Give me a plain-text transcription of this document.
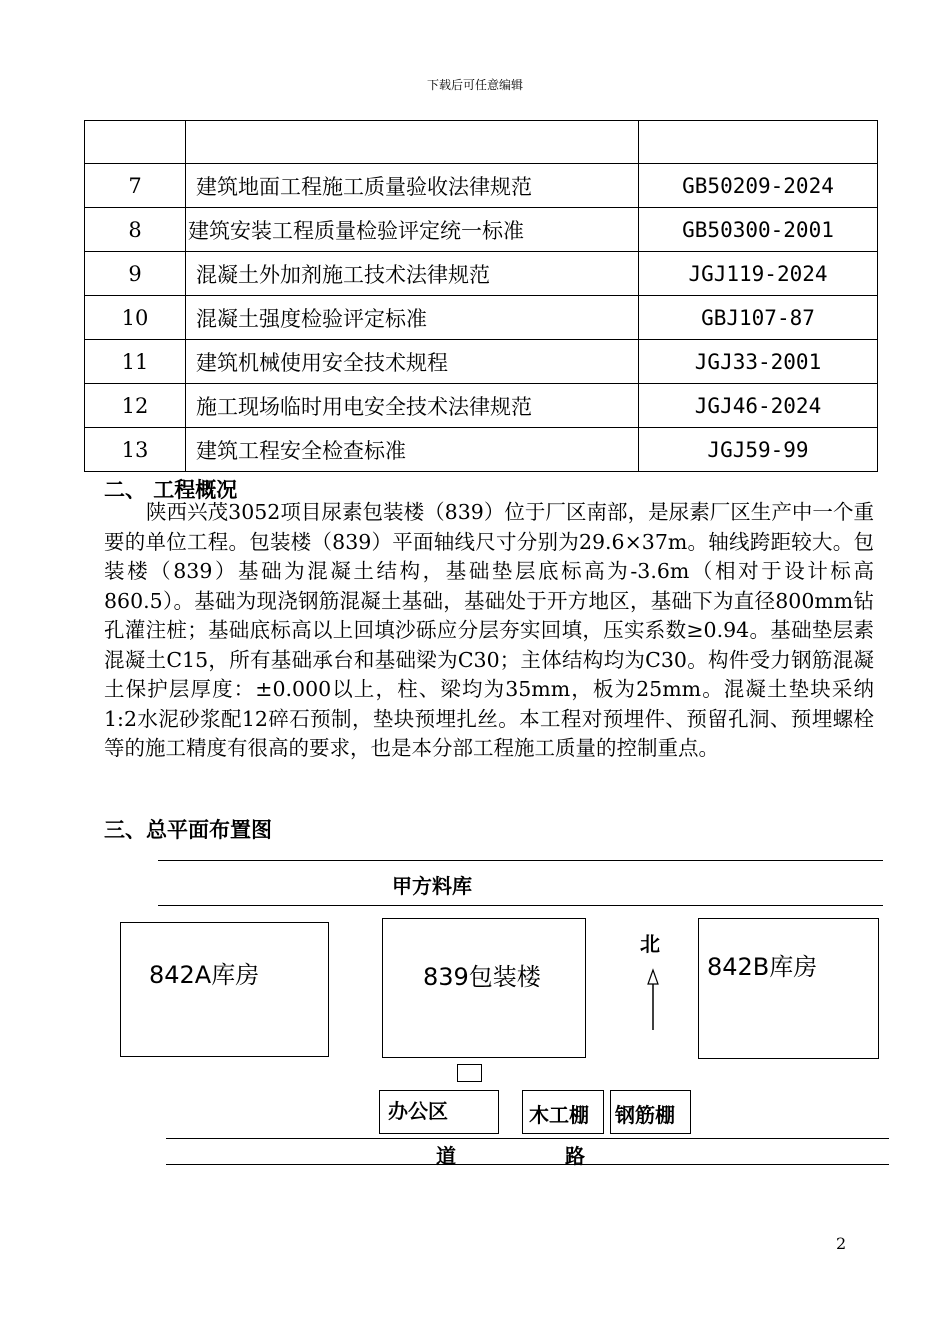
下载后可任意编辑

7	建筑地面工程施工质量验收法律规范	GB50209-2024
8	建筑安装工程质量检验评定统一标准	GB50300-2001
9	混凝土外加剂施工技术法律规范	JGJ119-2024
10	混凝土强度检验评定标准	GBJ107-87
11	建筑机械使用安全技术规程	JGJ33-2001
12	施工现场临时用电安全技术法律规范	JGJ46-2024
13	建筑工程安全检查标准	JGJ59-99
二、 工程概况

陕西兴茂3052项目尿素包装楼（839）位于厂区南部，是尿素厂区生产中一个重要的单位工程。包装楼（839）平面轴线尺寸分别为29.6×37m。轴线跨距较大。包装楼（839）基础为混凝土结构，基础垫层底标高为-3.6m（相对于设计标高860.5）。基础为现浇钢筋混凝土基础，基础处于开方地区，基础下为直径800mm钻孔灌注桩；基础底标高以上回填沙砾应分层夯实回填，压实系数≥0.94。基础垫层素混凝土C15，所有基础承台和基础梁为C30；主体结构均为C30。构件受力钢筋混凝土保护层厚度：±0.000以上，柱、梁均为35mm，板为25mm。混凝土垫块采纳1:2水泥砂浆配12碎石预制，垫块预埋扎丝。本工程对预埋件、预留孔洞、预埋螺栓等的施工精度有很高的要求，也是本分部工程施工质量的控制重点。

三、总平面布置图
甲方料库
842A库房	839包装楼
北
842B库房
办公区	木工棚 钢筋棚
道	路
2
